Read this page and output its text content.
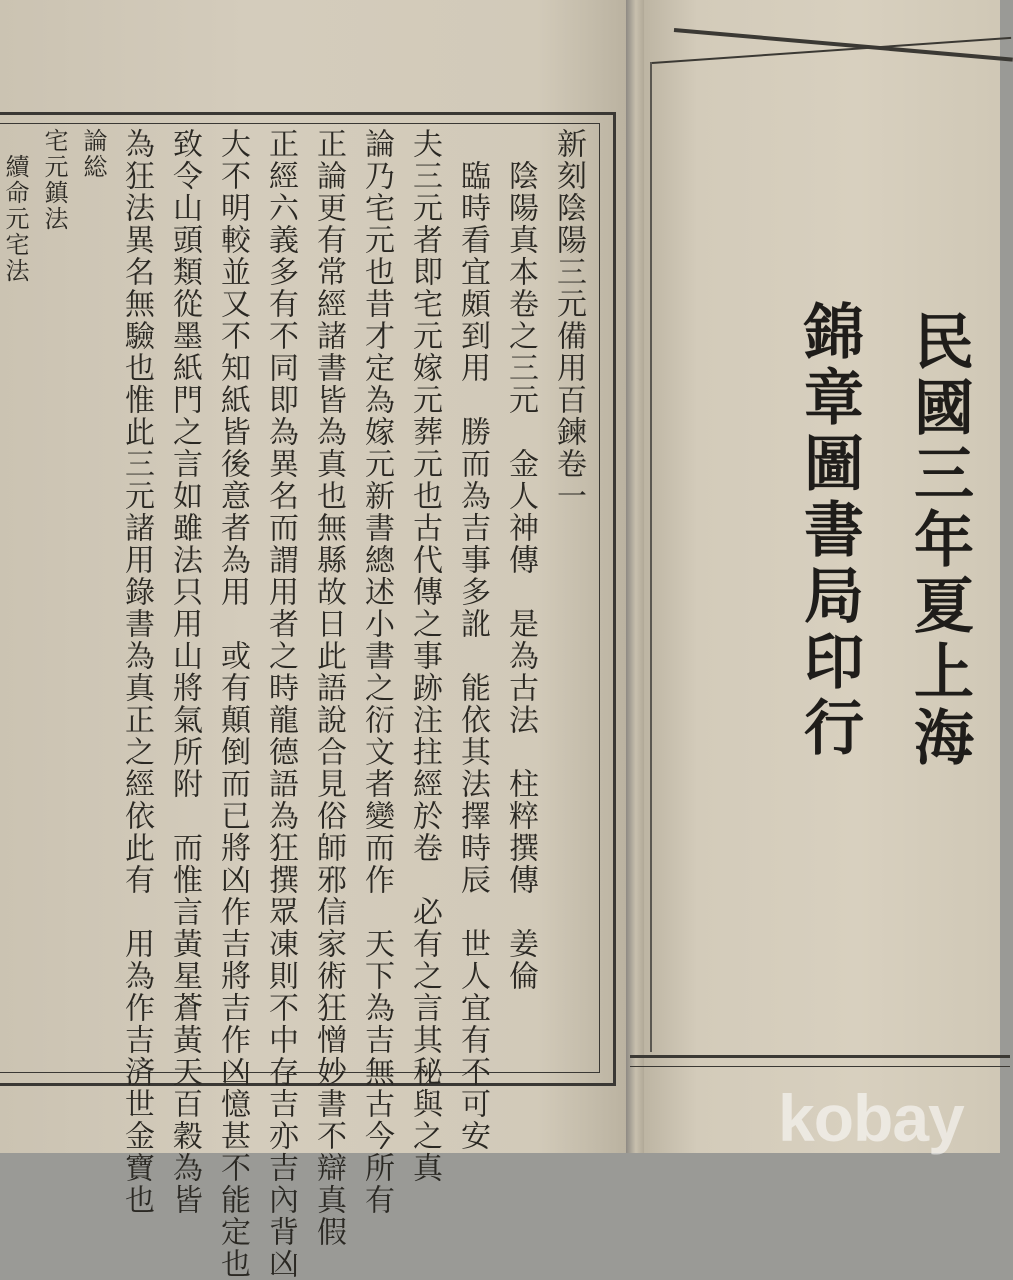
新刻陰陽三元備用百鍊卷一
　陰陽真本卷之三元　金人神傳　是為古法　柱粹撰傳　姜倫
　臨時看宜頗到用　勝而為吉事多訛　能依其法擇時辰　世人宜有不可安
夫三元者即宅元嫁元葬元也古代傳之事跡注拄經於卷　必有之言其秘與之真
論乃宅元也昔才定為嫁元新書總述小書之衍文者變而作　天下為吉無古今所有
正論更有常經諸書皆為真也無縣故日此語說合見俗師邪信家術狂憎妙書不辯真假
正經六義多有不同即為異名而謂用者之時龍德語為狂撰眾凍則不中存吉亦吉內背凶
大不明較並又不知紙皆後意者為用　或有顛倒而已將凶作吉將吉作凶憶甚不能定也
致令山頭類從墨紙門之言如雖法只用山將氣所附　而惟言黃星蒼黃天百穀為皆
為狂法異名無驗也惟此三元諸用錄書為真正之經依此有　用為作吉済世金寶也
論総
宅元鎮法
　續命元宅法
民國三年夏上海
錦章圖書局印行
kobay
